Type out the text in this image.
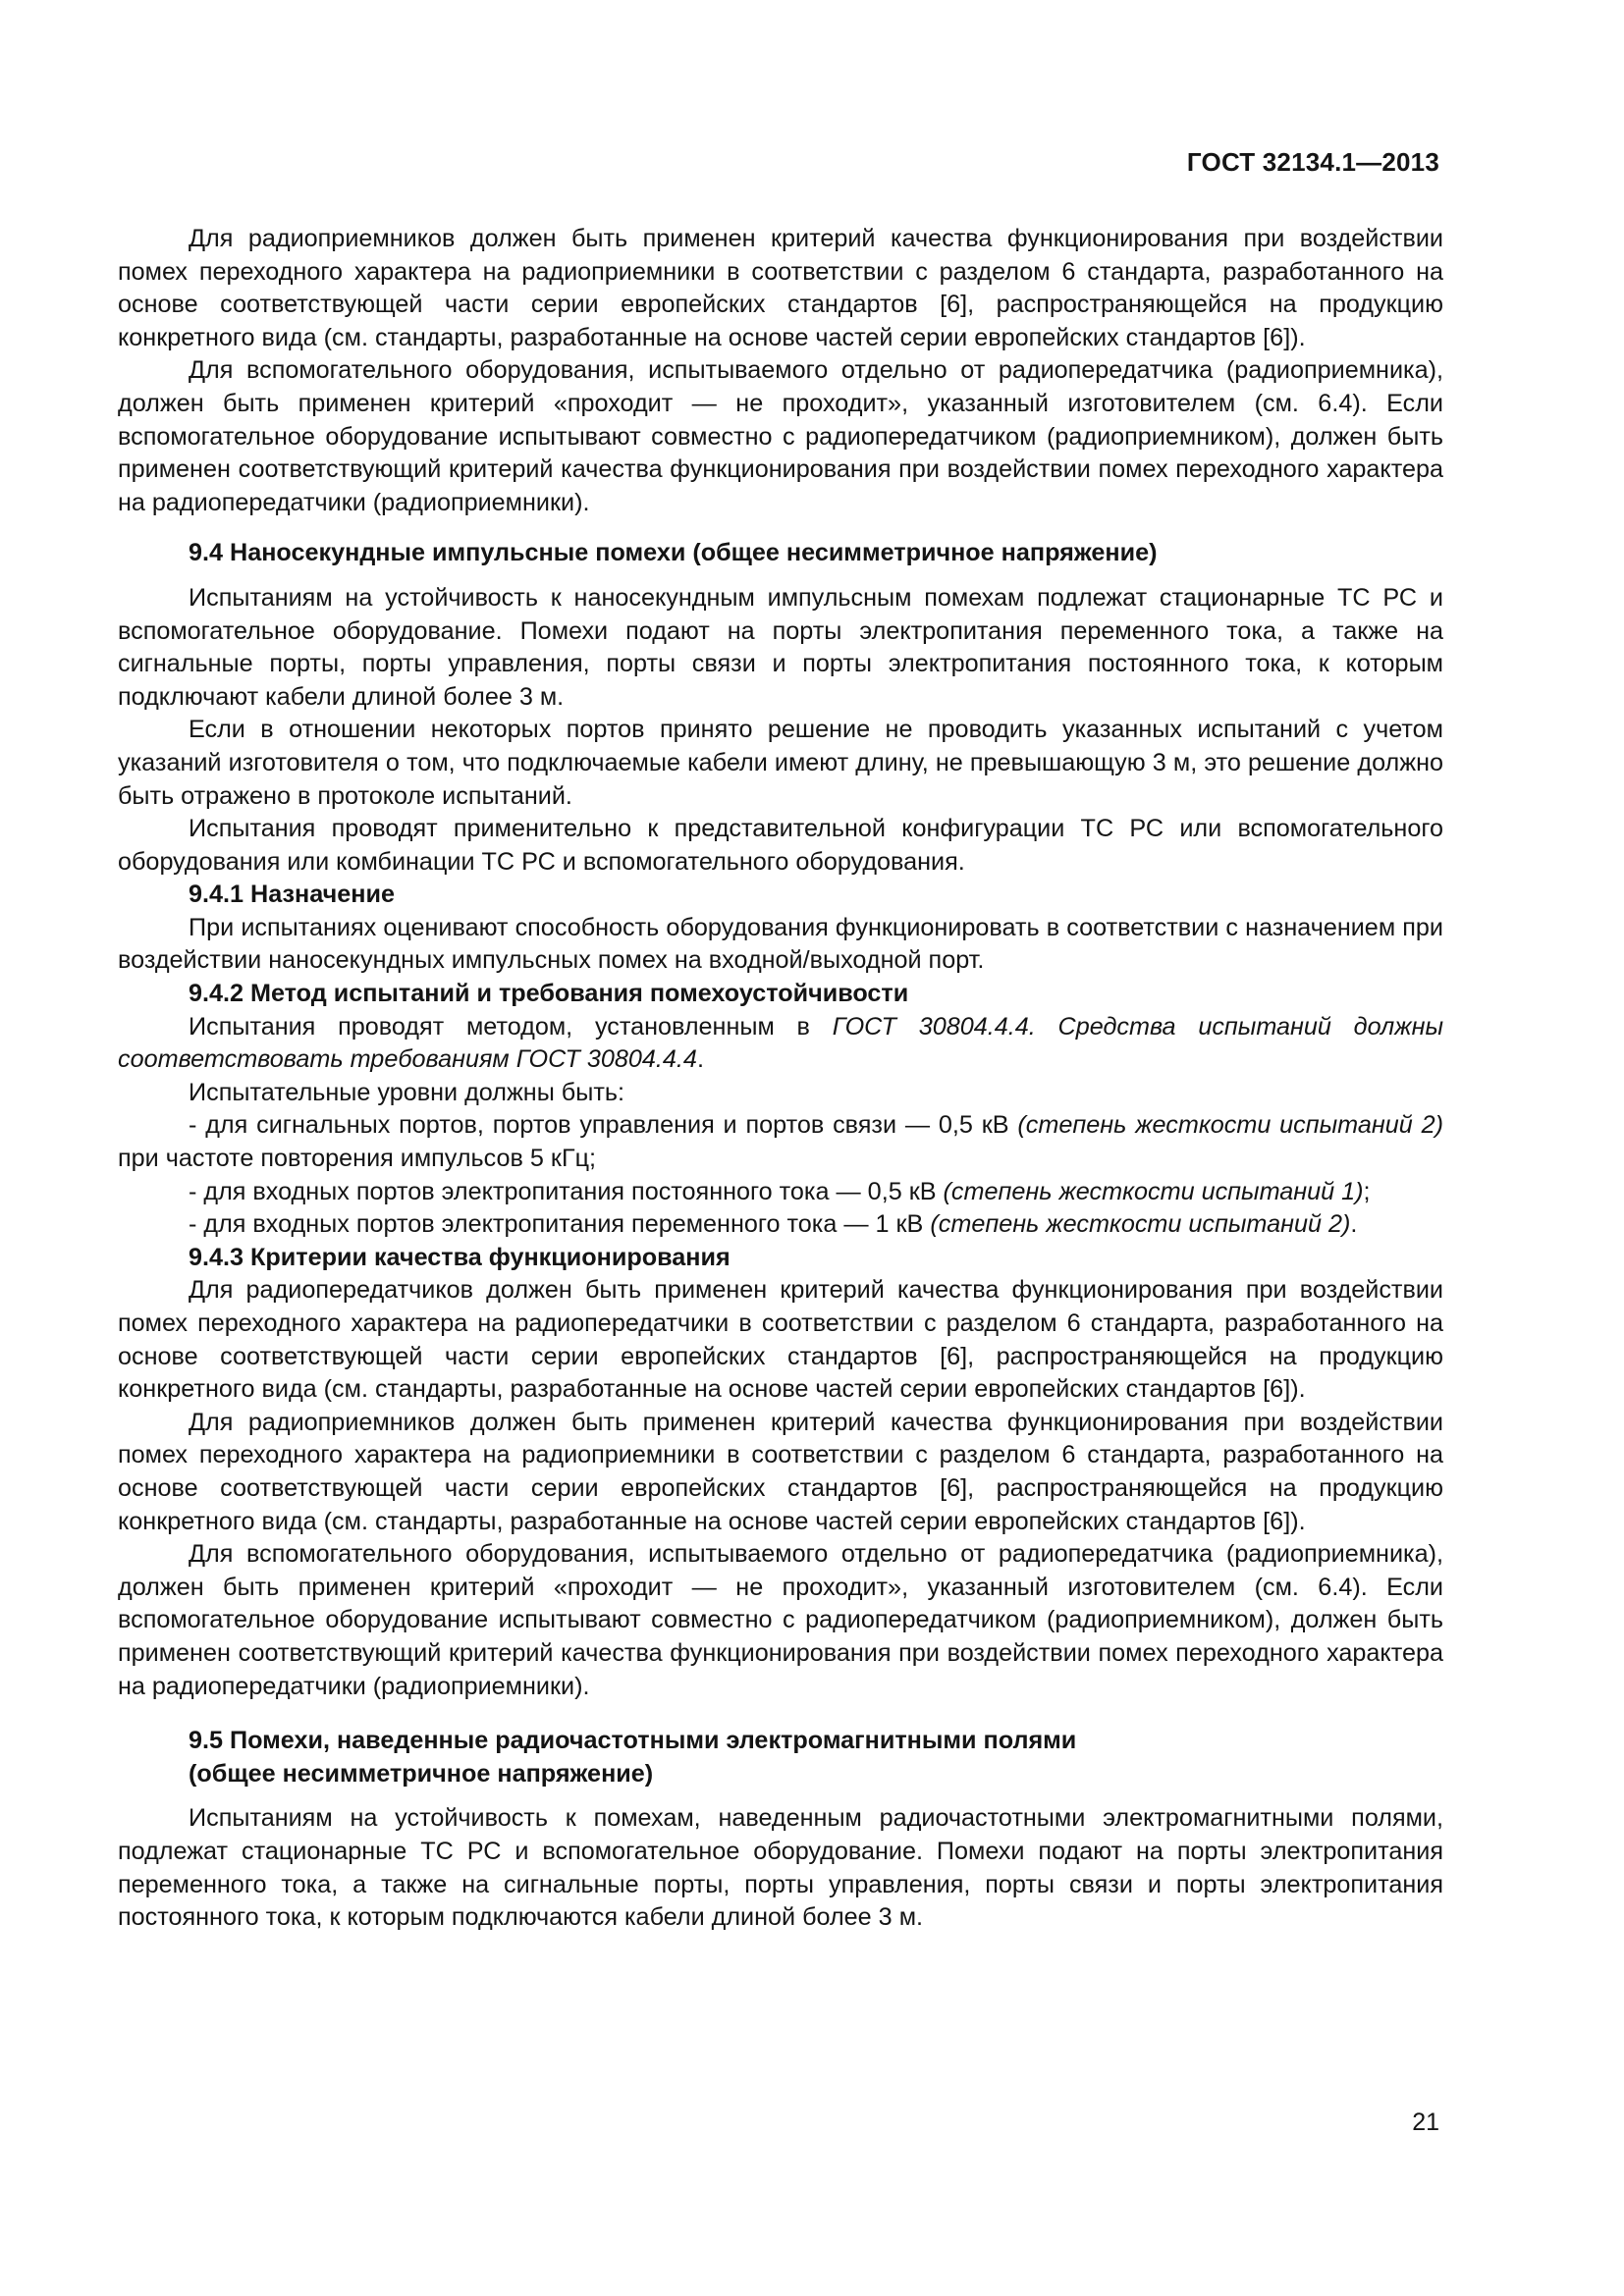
ГОСТ 32134.1—2013

Для радиоприемников должен быть применен критерий качества функционирования при воздействии помех переходного характера на радиоприемники в соответствии с разделом 6 стандарта, разработанного на основе соответствующей части серии европейских стандартов [6], распространяющейся на продукцию конкретного вида (см. стандарты, разработанные на основе частей серии европейских стандартов [6]).

Для вспомогательного оборудования, испытываемого отдельно от радиопередатчика (радиоприемника), должен быть применен критерий «проходит — не проходит», указанный изготовителем (см. 6.4). Если вспомогательное оборудование испытывают совместно с радиопередатчиком (радиоприемником), должен быть применен соответствующий критерий качества функционирования при воздействии помех переходного характера на радиопередатчики (радиоприемники).

9.4 Наносекундные импульсные помехи (общее несимметричное напряжение)

Испытаниям на устойчивость к наносекундным импульсным помехам подлежат стационарные ТС РС и вспомогательное оборудование. Помехи подают на порты электропитания переменного тока, а также на сигнальные порты, порты управления, порты связи и порты электропитания постоянного тока, к которым подключают кабели длиной более 3 м.

Если в отношении некоторых портов принято решение не проводить указанных испытаний с учетом указаний изготовителя о том, что подключаемые кабели имеют длину, не превышающую 3 м, это решение должно быть отражено в протоколе испытаний.

Испытания проводят применительно к представительной конфигурации ТС РС или вспомогательного оборудования или комбинации ТС РС и вспомогательного оборудования.

9.4.1 Назначение

При испытаниях оценивают способность оборудования функционировать в соответствии с назначением при воздействии наносекундных импульсных помех на входной/выходной порт.

9.4.2 Метод испытаний и требования помехоустойчивости

Испытания проводят методом, установленным в ГОСТ 30804.4.4. Средства испытаний должны соответствовать требованиям ГОСТ 30804.4.4.

Испытательные уровни должны быть:

- для сигнальных портов, портов управления и портов связи — 0,5 кВ (степень жесткости испытаний 2) при частоте повторения импульсов 5 кГц;

- для входных портов электропитания постоянного тока — 0,5 кВ (степень жесткости испытаний 1);

- для входных портов электропитания переменного тока — 1 кВ (степень жесткости испытаний 2).

9.4.3 Критерии качества функционирования

Для радиопередатчиков должен быть применен критерий качества функционирования при воздействии помех переходного характера на радиопередатчики в соответствии с разделом 6 стандарта, разработанного на основе соответствующей части серии европейских стандартов [6], распространяющейся на продукцию конкретного вида (см. стандарты, разработанные на основе частей серии европейских стандартов [6]).

Для радиоприемников должен быть применен критерий качества функционирования при воздействии помех переходного характера на радиоприемники в соответствии с разделом 6 стандарта, разработанного на основе соответствующей части серии европейских стандартов [6], распространяющейся на продукцию конкретного вида (см. стандарты, разработанные на основе частей серии европейских стандартов [6]).

Для вспомогательного оборудования, испытываемого отдельно от радиопередатчика (радиоприемника), должен быть применен критерий «проходит — не проходит», указанный изготовителем (см. 6.4). Если вспомогательное оборудование испытывают совместно с радиопередатчиком (радиоприемником), должен быть применен соответствующий критерий качества функционирования при воздействии помех переходного характера на радиопередатчики (радиоприемники).

9.5 Помехи, наведенные радиочастотными электромагнитными полями
(общее несимметричное напряжение)

Испытаниям на устойчивость к помехам, наведенным радиочастотными электромагнитными полями, подлежат стационарные ТС РС и вспомогательное оборудование. Помехи подают на порты электропитания переменного тока, а также на сигнальные порты, порты управления, порты связи и порты электропитания постоянного тока, к которым подключаются кабели длиной более 3 м.

21
